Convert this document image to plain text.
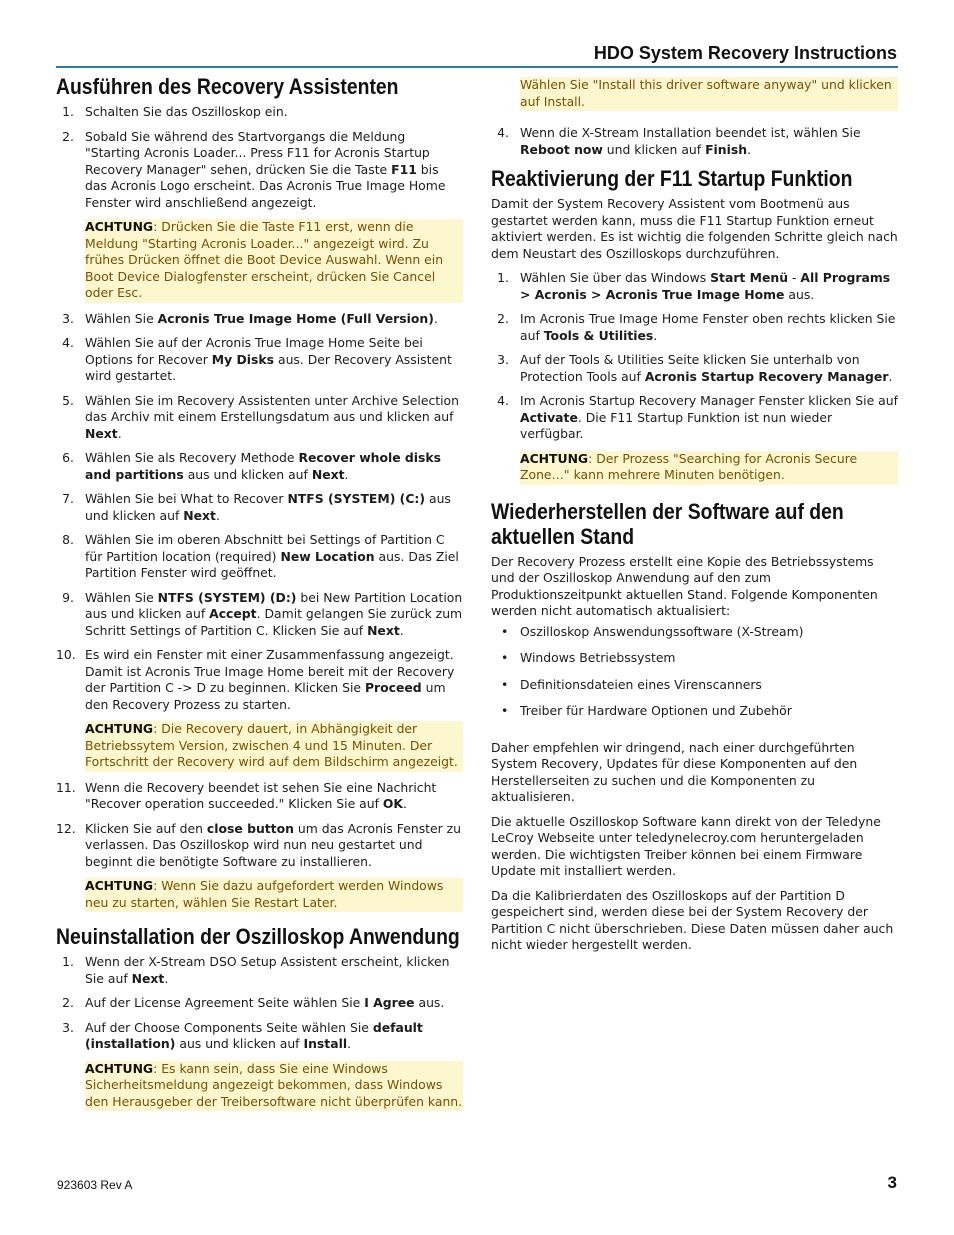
HDO System Recovery Instructions
Ausführen des Recovery Assistenten
1. Schalten Sie das Oszilloskop ein.
2. Sobald Sie während des Startvorgangs die Meldung "Starting Acronis Loader... Press F11 for Acronis Startup Recovery Manager" sehen, drücken Sie die Taste F11 bis das Acronis Logo erscheint. Das Acronis True Image Home Fenster wird anschließend angezeigt.
ACHTUNG: Drücken Sie die Taste F11 erst, wenn die Meldung "Starting Acronis Loader..." angezeigt wird. Zu frühes Drücken öffnet die Boot Device Auswahl. Wenn ein Boot Device Dialogfenster erscheint, drücken Sie Cancel oder Esc.
3. Wählen Sie Acronis True Image Home (Full Version).
4. Wählen Sie auf der Acronis True Image Home Seite bei Options for Recover My Disks aus. Der Recovery Assistent wird gestartet.
5. Wählen Sie im Recovery Assistenten unter Archive Selection das Archiv mit einem Erstellungsdatum aus und klicken auf Next.
6. Wählen Sie als Recovery Methode Recover whole disks and partitions aus und klicken auf Next.
7. Wählen Sie bei What to Recover NTFS (SYSTEM) (C:) aus und klicken auf Next.
8. Wählen Sie im oberen Abschnitt bei Settings of Partition C für Partition location (required) New Location aus. Das Ziel Partition Fenster wird geöffnet.
9. Wählen Sie NTFS (SYSTEM) (D:) bei New Partition Location aus und klicken auf Accept. Damit gelangen Sie zurück zum Schritt Settings of Partition C. Klicken Sie auf Next.
10. Es wird ein Fenster mit einer Zusammenfassung angezeigt. Damit ist Acronis True Image Home bereit mit der Recovery der Partition C -> D zu beginnen. Klicken Sie Proceed um den Recovery Prozess zu starten.
ACHTUNG: Die Recovery dauert, in Abhängigkeit der Betriebssytem Version, zwischen 4 und 15 Minuten. Der Fortschritt der Recovery wird auf dem Bildschirm angezeigt.
11. Wenn die Recovery beendet ist sehen Sie eine Nachricht "Recover operation succeeded." Klicken Sie auf OK.
12. Klicken Sie auf den close button um das Acronis Fenster zu verlassen. Das Oszilloskop wird nun neu gestartet und beginnt die benötigte Software zu installieren.
ACHTUNG: Wenn Sie dazu aufgefordert werden Windows neu zu starten, wählen Sie Restart Later.
Neuinstallation der Oszilloskop Anwendung
1. Wenn der X-Stream DSO Setup Assistent erscheint, klicken Sie auf Next.
2. Auf der License Agreement Seite wählen Sie I Agree aus.
3. Auf der Choose Components Seite wählen Sie default (installation) aus und klicken auf Install.
ACHTUNG: Es kann sein, dass Sie eine Windows Sicherheitsmeldung angezeigt bekommen, dass Windows den Herausgeber der Treibersoftware nicht überprüfen kann.
Wählen Sie "Install this driver software anyway" und klicken auf Install.
4. Wenn die X-Stream Installation beendet ist, wählen Sie Reboot now und klicken auf Finish.
Reaktivierung der F11 Startup Funktion

Damit der System Recovery Assistent vom Bootmenü aus gestartet werden kann, muss die F11 Startup Funktion erneut aktiviert werden. Es ist wichtig die folgenden Schritte gleich nach dem Neustart des Oszilloskops durchzuführen.

1. Wählen Sie über das Windows Start Menü - All Programs > Acronis > Acronis True Image Home aus.
2. Im Acronis True Image Home Fenster oben rechts klicken Sie auf Tools & Utilities.
3. Auf der Tools & Utilities Seite klicken Sie unterhalb von Protection Tools auf Acronis Startup Recovery Manager.
4. Im Acronis Startup Recovery Manager Fenster klicken Sie auf Activate. Die F11 Startup Funktion ist nun wieder verfügbar.
ACHTUNG: Der Prozess "Searching for Acronis Secure Zone…" kann mehrere Minuten benötigen.
Wiederherstellen der Software auf den aktuellen Stand

Der Recovery Prozess erstellt eine Kopie des Betriebssystems und der Oszilloskop Anwendung auf den zum Produktionszeitpunkt aktuellen Stand. Folgende Komponenten werden nicht automatisch aktualisiert:

• Oszilloskop Answendungssoftware (X-Stream)
• Windows Betriebssystem
• Definitionsdateien eines Virenscanners
• Treiber für Hardware Optionen und Zubehör

Daher empfehlen wir dringend, nach einer durchgeführten System Recovery, Updates für diese Komponenten auf den Herstellerseiten zu suchen und die Komponenten zu aktualisieren.

Die aktuelle Oszilloskop Software kann direkt von der Teledyne LeCroy Webseite unter teledynelecroy.com heruntergeladen werden. Die wichtigsten Treiber können bei einem Firmware Update mit installiert werden.

Da die Kalibrierdaten des Oszilloskops auf der Partition D gespeichert sind, werden diese bei der System Recovery der Partition C nicht überschrieben. Diese Daten müssen daher auch nicht wieder hergestellt werden.

923603 Rev A	3
